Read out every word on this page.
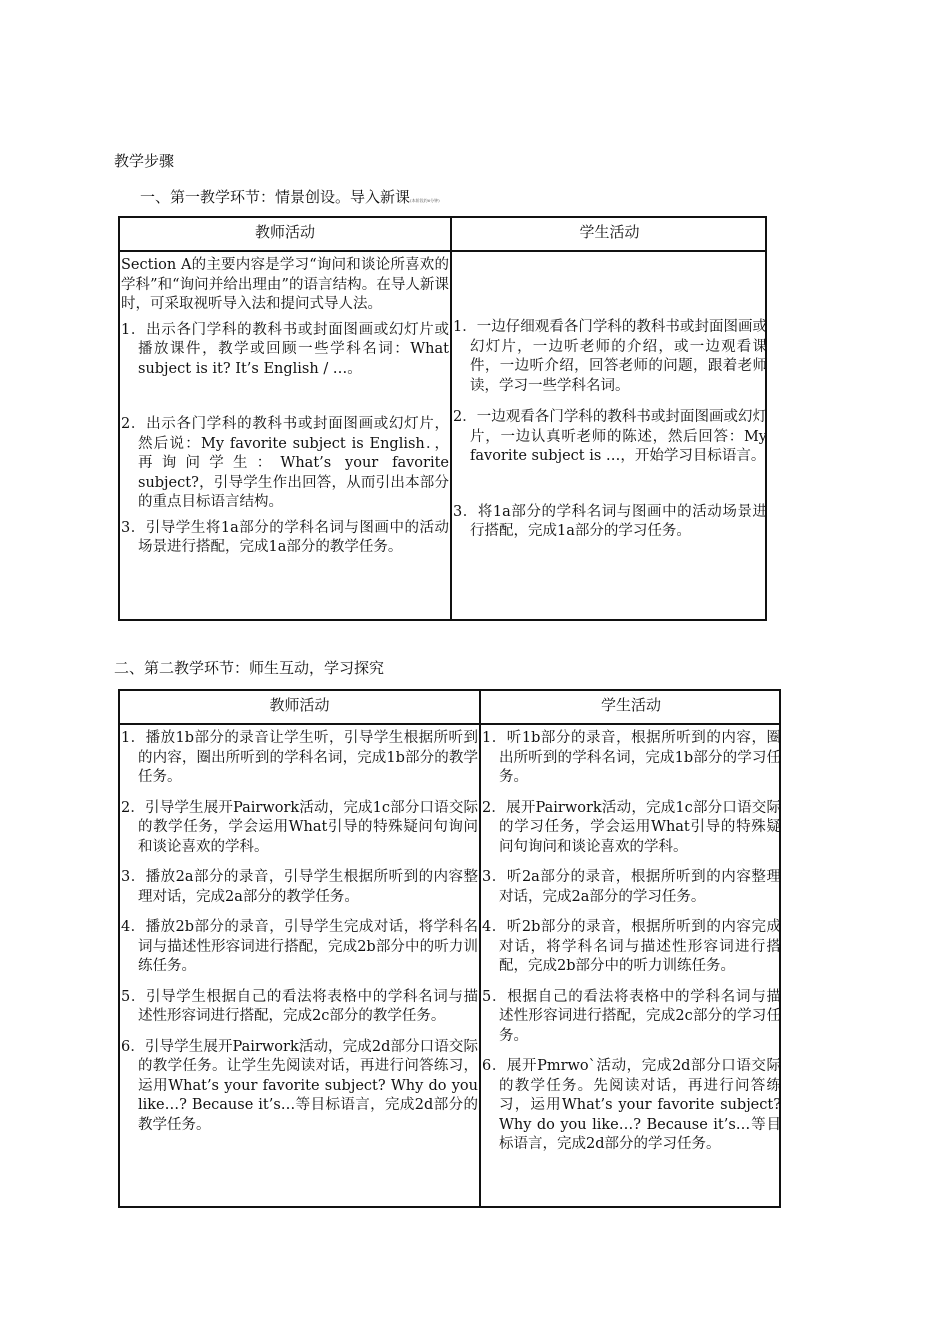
教学步骤
一、第一教学环节：情景创设。导入新课(本阶段约6分钟)
教师活动	学生活动

Section A的主要内容是学习“询问和谈论所喜欢的学科”和“询问并给出理由”的语言结构。在导人新课时，可采取视听导入法和提问式导人法。

1．出示各门学科的教科书或封面图画或幻灯片或播放课件，教学或回顾一些学科名词：What subject is it? It’s English / …。

2．出示各门学科的教科书或封面图画或幻灯片，然后说：My favorite subject is English．，再询问学生：What’s your favorite subject?，引导学生作出回答，从而引出本部分的重点目标语言结构。

3．引导学生将1a部分的学科名词与图画中的活动场景进行搭配，完成1a部分的教学任务。

1．一边仔细观看各门学科的教科书或封面图画或幻灯片，一边听老师的介绍，或一边观看课件，一边听介绍，回答老师的问题，跟着老师读，学习一些学科名词。

2．一边观看各门学科的教科书或封面图画或幻灯片，一边认真听老师的陈述，然后回答：My favorite subject is …，开始学习目标语言。

3．将1a部分的学科名词与图画中的活动场景进行搭配，完成1a部分的学习任务。

二、第二教学环节：师生互动，学习探究
教师活动	学生活动

1．播放1b部分的录音让学生听，引导学生根据所听到的内容，圈出所听到的学科名词，完成1b部分的教学任务。

2．引导学生展开Pairwork活动，完成1c部分口语交际的教学任务，学会运用What引导的特殊疑问句询问和谈论喜欢的学科。

3．播放2a部分的录音，引导学生根据所听到的内容整理对话，完成2a部分的教学任务。

4．播放2b部分的录音，引导学生完成对话，将学科名词与描述性形容词进行搭配，完成2b部分中的听力训练任务。

5．引导学生根据自己的看法将表格中的学科名词与描述性形容词进行搭配，完成2c部分的教学任务。

6．引导学生展开Pairwork活动，完成2d部分口语交际的教学任务。让学生先阅读对话，再进行问答练习，运用What’s your favorite subject? Why do you like…? Because it’s…等目标语言，完成2d部分的教学任务。

1．听1b部分的录音，根据所听到的内容，圈出所听到的学科名词，完成1b部分的学习任务。

2．展开Pairwork活动，完成1c部分口语交际的学习任务，学会运用What引导的特殊疑问句询问和谈论喜欢的学科。

3．听2a部分的录音，根据所听到的内容整理对话，完成2a部分的学习任务。

4．听2b部分的录音，根据所听到的内容完成对话，将学科名词与描述性形容词进行搭配，完成2b部分中的听力训练任务。

5．根据自己的看法将表格中的学科名词与描述性形容词进行搭配，完成2c部分的学习任务。

6．展开Pmrwo`活动，完成2d部分口语交际的教学任务。先阅读对话，再进行问答练习，运用What’s your favorite subject? Why do you like…? Because it’s…等目标语言，完成2d部分的学习任务。
